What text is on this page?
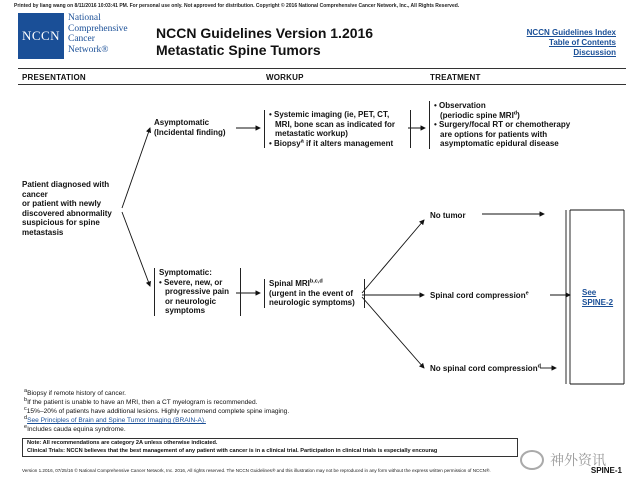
Printed by liang wang on 8/11/2016 10:03:41 PM. For personal use only. Not approved for distribution. Copyright © 2016 National Comprehensive Cancer Network, Inc., All Rights Reserved.
NCCN
National
Comprehensive
Cancer
Network®
NCCN Guidelines Version 1.2016
Metastatic Spine Tumors
NCCN Guidelines Index
Table of Contents
Discussion
PRESENTATION	WORKUP	TREATMENT
Patient diagnosed with
cancer
or patient with newly
discovered abnormality
suspicious for spine
metastasis
Asymptomatic
(Incidental finding)
• Systemic imaging (ie, PET, CT,
MRI, bone scan as indicated for
metastatic workup)
• Biopsy$^a$ if it alters management
• Observation
(periodic spine MRI$^d$)
• Surgery/focal RT or chemotherapy
are options for patients with
asymptomatic epidural disease
Symptomatic:
• Severe, new, or
progressive pain
or neurologic
symptoms
Spinal MRI$^{b,c,d}$
(urgent in the event of
neurologic symptoms)
No tumor
Spinal cord compression$^e$
No spinal cord compression$^d$
See
SPINE-2
$^a$Biopsy if remote history of cancer.
$^b$If the patient is unable to have an MRI, then a CT myelogram is recommended.
$^c$15%–20% of patients have additional lesions. Highly recommend complete spine imaging.
$^d$See Principles of Brain and Spine Tumor Imaging (BRAIN-A).
$^e$Includes cauda equina syndrome.
Note: All recommendations are category 2A unless otherwise indicated.
Clinical Trials: NCCN believes that the best management of any patient with cancer is in a clinical trial. Participation in clinical trials is especially encourag
Version 1.2016, 07/25/16 © National Comprehensive Cancer Network, Inc. 2016, All rights reserved. The NCCN Guidelines® and this illustration may not be reproduced in any form without the express written permission of NCCN®.
神外资讯
SPINE-1
